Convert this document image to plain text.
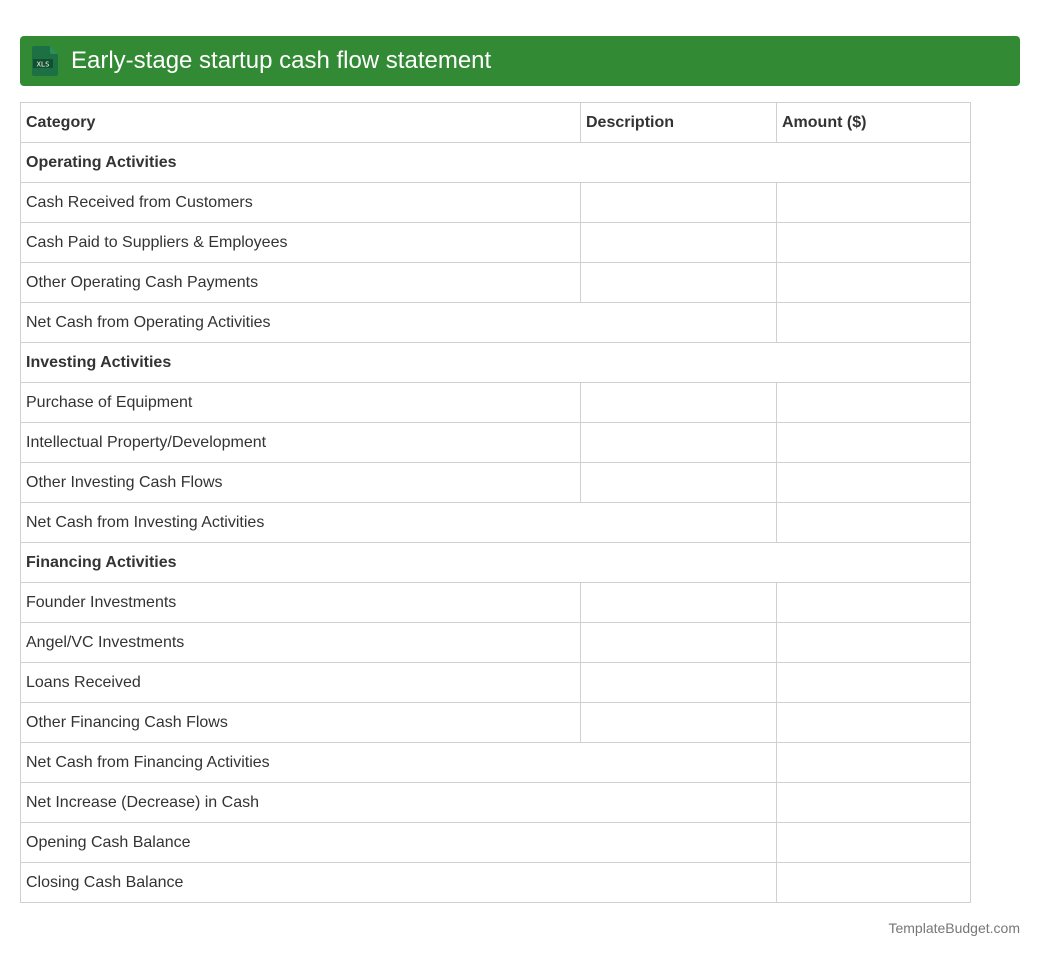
XLS Early-stage startup cash flow statement
Category	Description	Amount ($)
Operating Activities		
Cash Received from Customers		
Cash Paid to Suppliers & Employees		
Other Operating Cash Payments		
Net Cash from Operating Activities		
Investing Activities		
Purchase of Equipment		
Intellectual Property/Development		
Other Investing Cash Flows		
Net Cash from Investing Activities		
Financing Activities		
Founder Investments		
Angel/VC Investments		
Loans Received		
Other Financing Cash Flows		
Net Cash from Financing Activities		
Net Increase (Decrease) in Cash		
Opening Cash Balance		
Closing Cash Balance		
TemplateBudget.com
